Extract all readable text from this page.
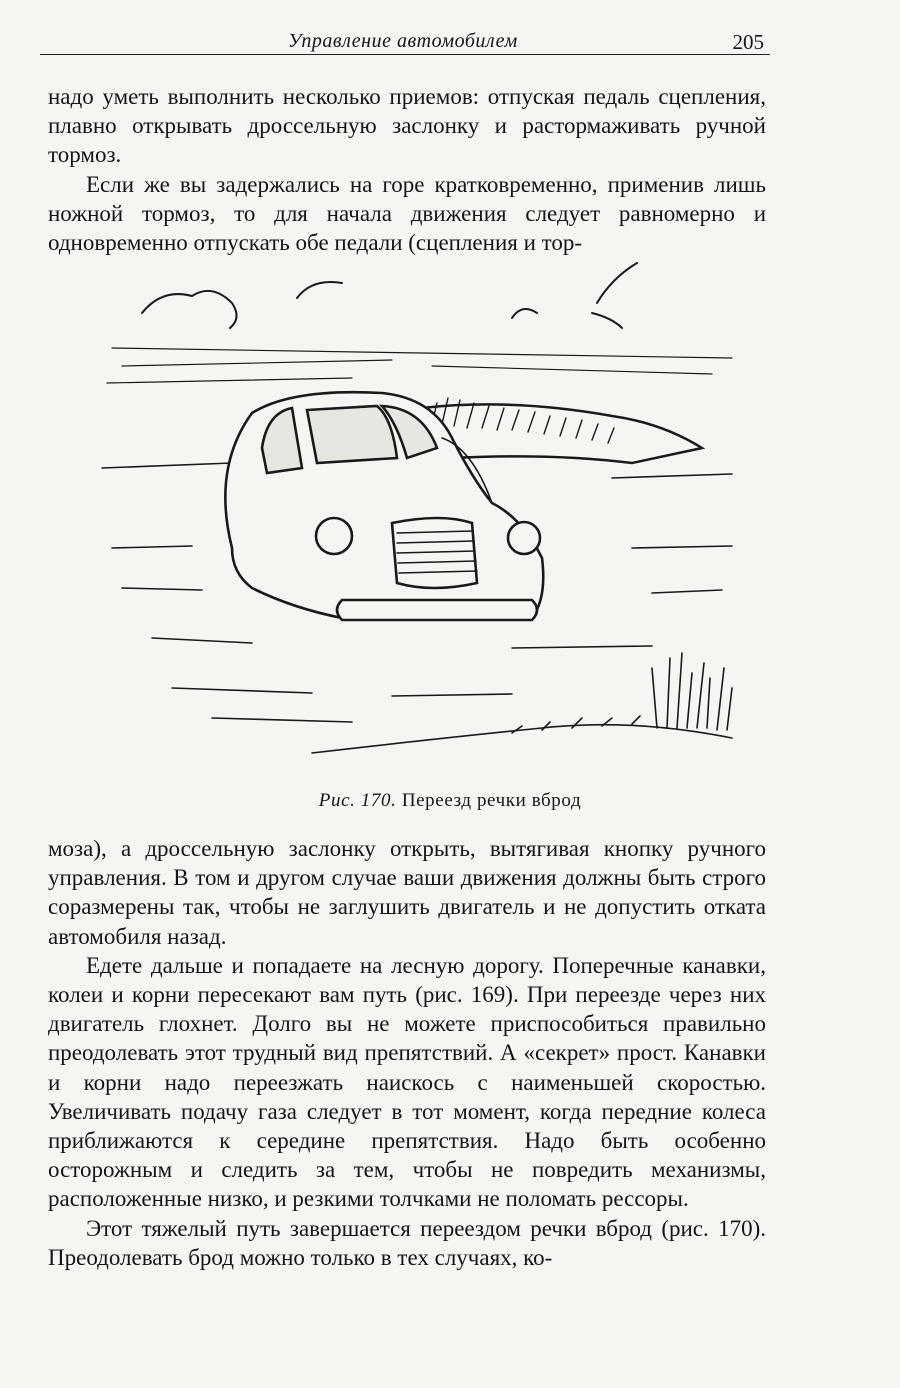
Управление автомобилем	205

надо уметь выполнить несколько приемов: отпуская педаль сцепления, плавно открывать дроссельную заслонку и растормаживать ручной тормоз.

Если же вы задержались на горе кратковременно, применив лишь ножной тормоз, то для начала движения следует равномерно и одновременно отпускать обе педали (сцепления и тор-

Рис. 170. Переезд речки вброд

моза), а дроссельную заслонку открыть, вытягивая кнопку ручного управления. В том и другом случае ваши движения должны быть строго соразмерены так, чтобы не заглушить двигатель и не допустить отката автомобиля назад.

Едете дальше и попадаете на лесную дорогу. Поперечные канавки, колеи и корни пересекают вам путь (рис. 169). При переезде через них двигатель глохнет. Долго вы не можете приспособиться правильно преодолевать этот трудный вид препятствий. А «секрет» прост. Канавки и корни надо переезжать наискось с наименьшей скоростью. Увеличивать подачу газа следует в тот момент, когда передние колеса приближаются к середине препятствия. Надо быть особенно осторожным и следить за тем, чтобы не повредить механизмы, расположенные низко, и резкими толчками не поломать рессоры.

Этот тяжелый путь завершается переездом речки вброд (рис. 170). Преодолевать брод можно только в тех случаях, ко-
